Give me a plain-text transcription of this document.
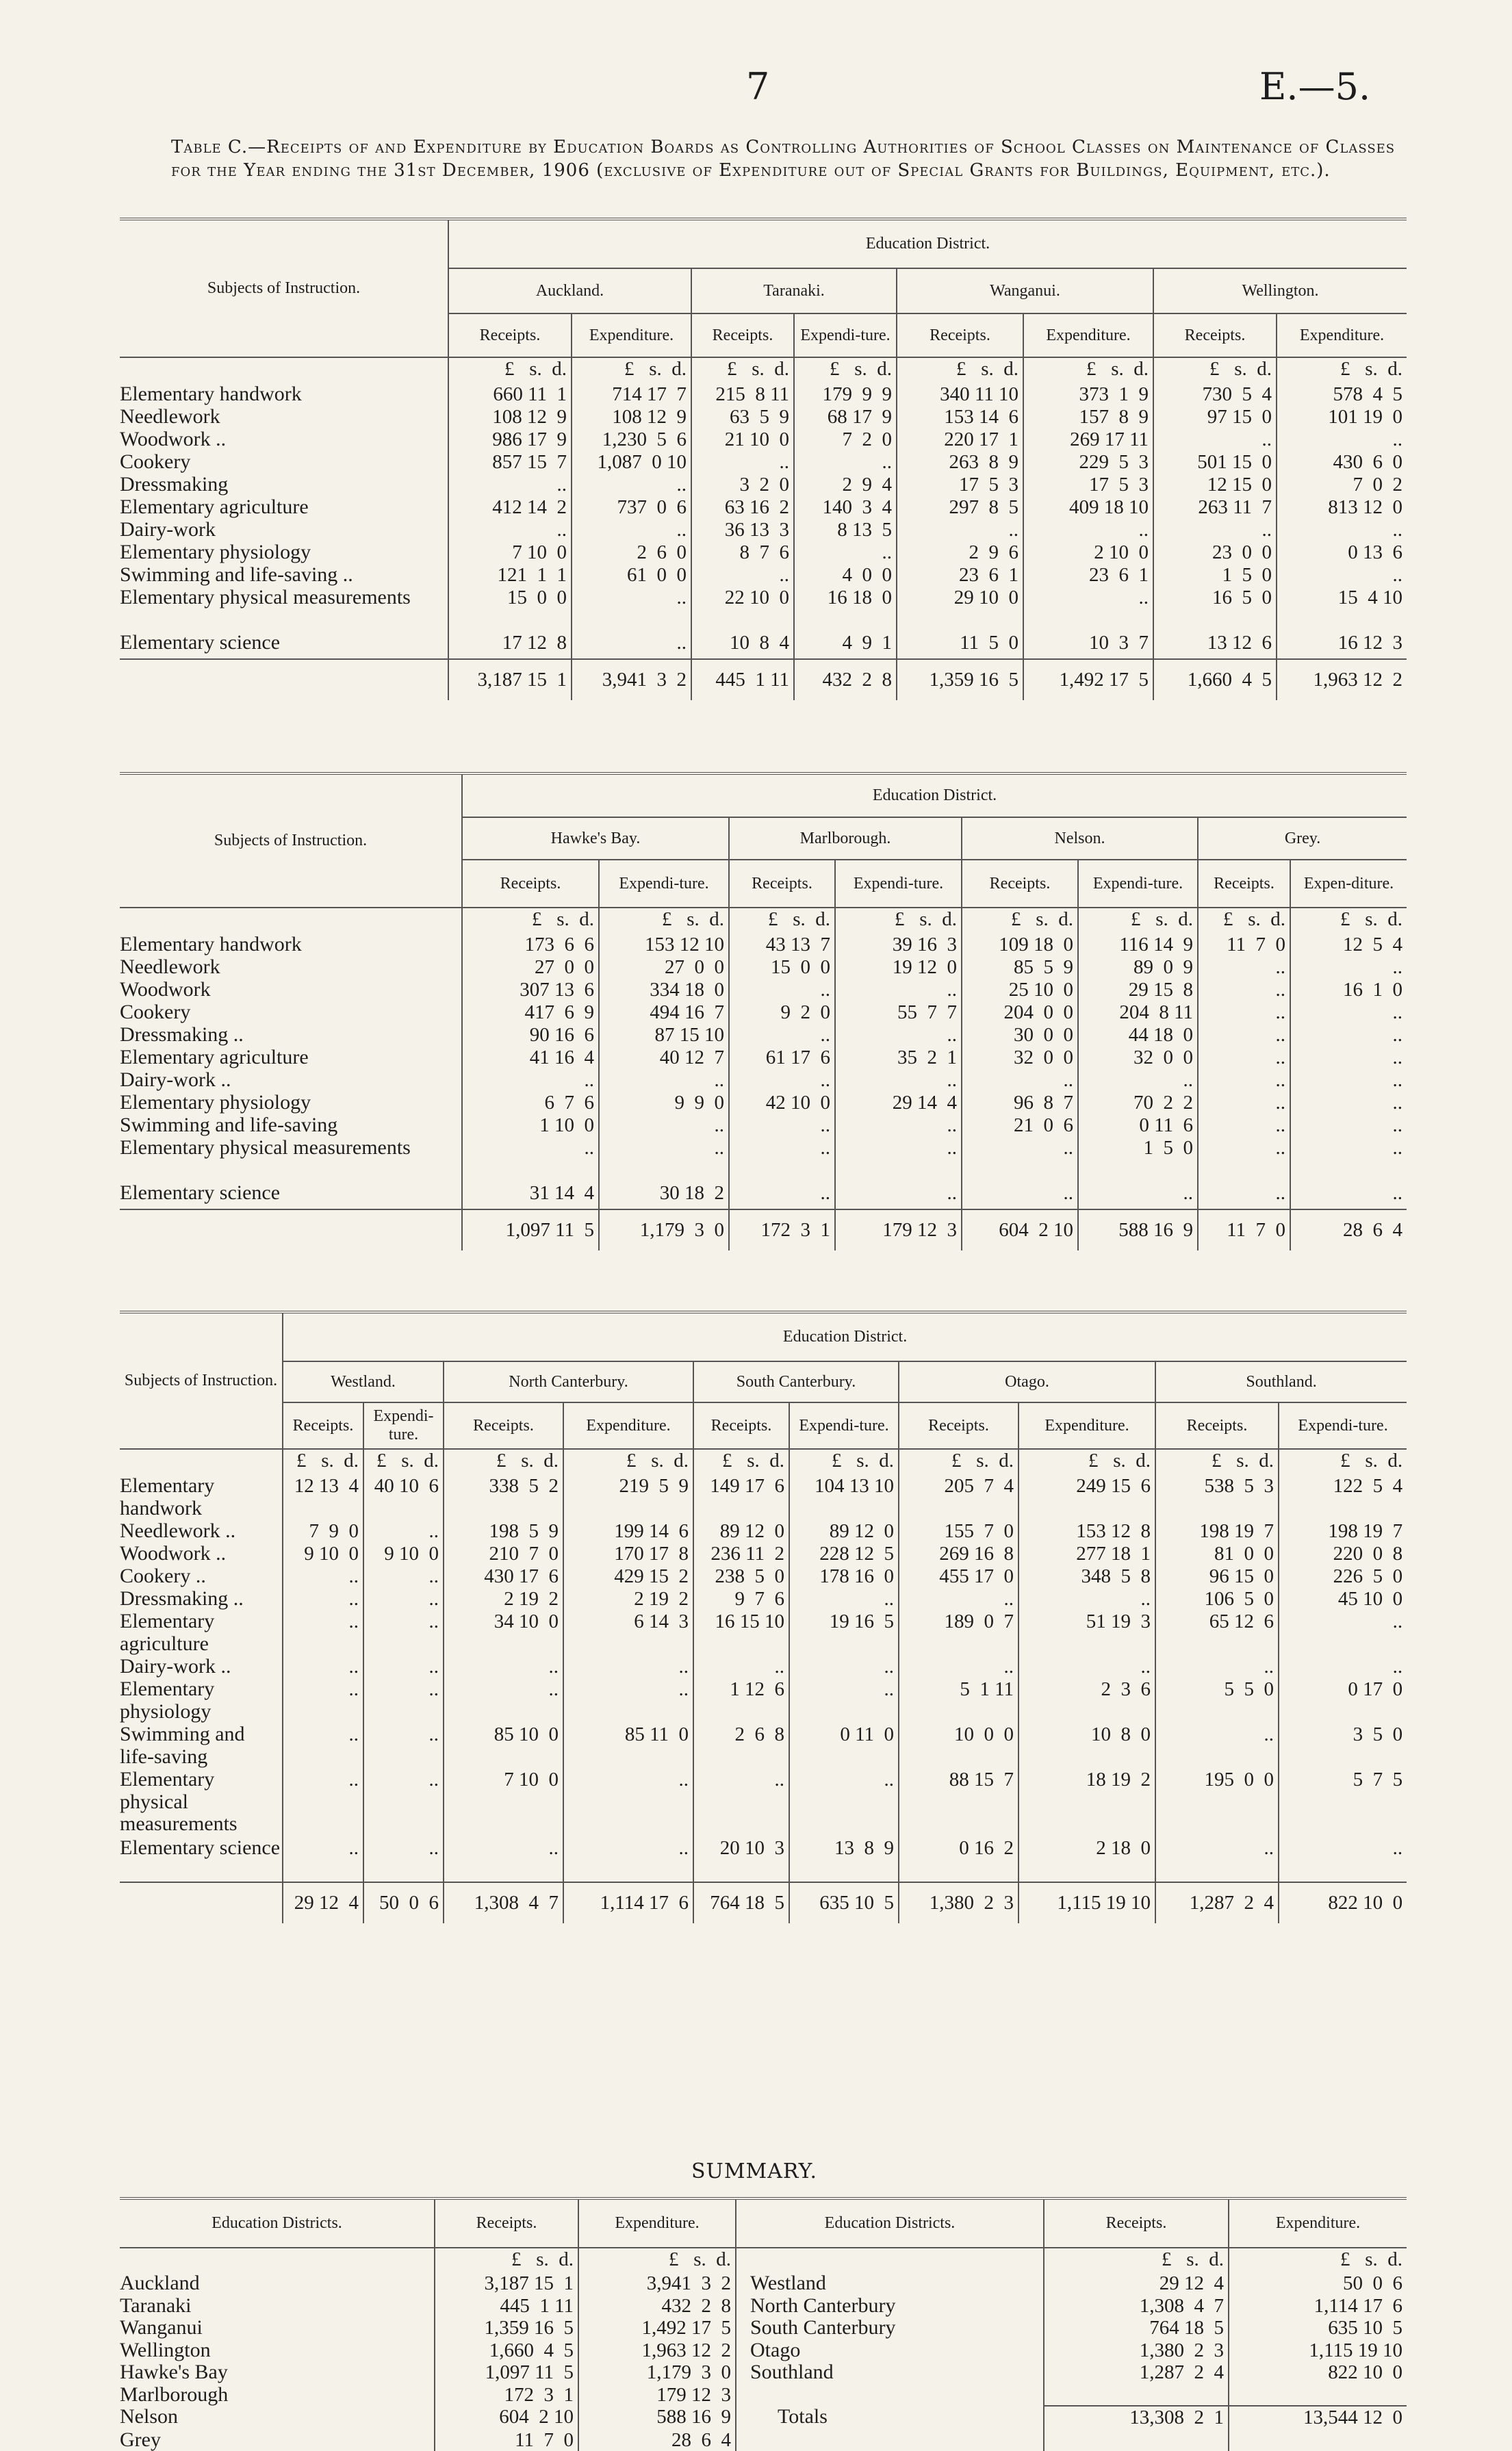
7	E.—5.
Table C.—Receipts of and Expenditure by Education Boards as Controlling Authorities of School Classes on Maintenance of Classes for the Year ending the 31st December, 1906 (exclusive of Expenditure out of Special Grants for Buildings, Equipment, etc.).
Subjects of Instruction.	Education District.							
	Auckland.		Taranaki.		Wanganui.		Wellington.	
	Receipts.	Expenditure.	Receipts.	Expendi-ture.	Receipts.	Expenditure.	Receipts.	Expenditure.
	£   s.  d.	£   s.  d.	£   s.  d.	£   s.  d.	£   s.  d.	£   s.  d.	£   s.  d.	£   s.  d.
Elementary handwork	660 11  1	714 17  7	215  8 11	179  9  9	340 11 10	373  1  9	730  5  4	578  4  5
Needlework	108 12  9	108 12  9	63  5  9	68 17  9	153 14  6	157  8  9	97 15  0	101 19  0
Woodwork ..	986 17  9	1,230  5  6	21 10  0	7  2  0	220 17  1	269 17 11	..	..
Cookery	857 15  7	1,087  0 10	..	..	263  8  9	229  5  3	501 15  0	430  6  0
Dressmaking	..	..	3  2  0	2  9  4	17  5  3	17  5  3	12 15  0	7  0  2
Elementary agriculture	412 14  2	737  0  6	63 16  2	140  3  4	297  8  5	409 18 10	263 11  7	813 12  0
Dairy-work	..	..	36 13  3	8 13  5	..	..	..	..
Elementary physiology	7 10  0	2  6  0	8  7  6	..	2  9  6	2 10  0	23  0  0	0 13  6
Swimming and life-saving ..	121  1  1	61  0  0	..	4  0  0	23  6  1	23  6  1	1  5  0	..
Elementary physical measurements	15  0  0	..	22 10  0	16 18  0	29 10  0	..	16  5  0	15  4 10
Elementary science	17 12  8	..	10  8  4	4  9  1	11  5  0	10  3  7	13 12  6	16 12  3
	3,187 15  1	3,941  3  2	445  1 11	432  2  8	1,359 16  5	1,492 17  5	1,660  4  5	1,963 12  2
Subjects of Instruction.	Education District.							
	Hawke's Bay.		Marlborough.		Nelson.		Grey.	
	Receipts.	Expendi-ture.	Receipts.	Expendi-ture.	Receipts.	Expendi-ture.	Receipts.	Expen-diture.
	£   s.  d.	£   s.  d.	£   s.  d.	£   s.  d.	£   s.  d.	£   s.  d.	£   s.  d.	£   s.  d.
Elementary handwork	173  6  6	153 12 10	43 13  7	39 16  3	109 18  0	116 14  9	11  7  0	12  5  4
Needlework	27  0  0	27  0  0	15  0  0	19 12  0	85  5  9	89  0  9	..	..
Woodwork	307 13  6	334 18  0	..	..	25 10  0	29 15  8	..	16  1  0
Cookery	417  6  9	494 16  7	9  2  0	55  7  7	204  0  0	204  8 11	..	..
Dressmaking ..	90 16  6	87 15 10	..	..	30  0  0	44 18  0	..	..
Elementary agriculture	41 16  4	40 12  7	61 17  6	35  2  1	32  0  0	32  0  0	..	..
Dairy-work ..	..	..	..	..	..	..	..	..
Elementary physiology	6  7  6	9  9  0	42 10  0	29 14  4	96  8  7	70  2  2	..	..
Swimming and life-saving	1 10  0	..	..	..	21  0  6	0 11  6	..	..
Elementary physical measurements	..	..	..	..	..	1  5  0	..	..
Elementary science	31 14  4	30 18  2	..	..	..	..	..	..
	1,097 11  5	1,179  3  0	172  3  1	179 12  3	604  2 10	588 16  9	11  7  0	28  6  4
Subjects of Instruction.	Education District.									
	Westland.		North Canterbury.		South Canterbury.		Otago.		Southland.	
	Receipts.	Expendi-ture.	Receipts.	Expenditure.	Receipts.	Expendi-ture.	Receipts.	Expenditure.	Receipts.	Expendi-ture.
	£   s.  d.	£   s.  d.	£   s.  d.	£   s.  d.	£   s.  d.	£   s.  d.	£   s.  d.	£   s.  d.	£   s.  d.	£   s.  d.
Elementary handwork	12 13  4	40 10  6	338  5  2	219  5  9	149 17  6	104 13 10	205  7  4	249 15  6	538  5  3	122  5  4
Needlework ..	7  9  0	..	198  5  9	199 14  6	89 12  0	89 12  0	155  7  0	153 12  8	198 19  7	198 19  7
Woodwork ..	9 10  0	9 10  0	210  7  0	170 17  8	236 11  2	228 12  5	269 16  8	277 18  1	81  0  0	220  0  8
Cookery ..	..	..	430 17  6	429 15  2	238  5  0	178 16  0	455 17  0	348  5  8	96 15  0	226  5  0
Dressmaking ..	..	..	2 19  2	2 19  2	9  7  6	..	..	..	106  5  0	45 10  0
Elementary agriculture	..	..	34 10  0	6 14  3	16 15 10	19 16  5	189  0  7	51 19  3	65 12  6	..
Dairy-work ..	..	..	..	..	..	..	..	..	..	..
Elementary physiology	..	..	..	..	1 12  6	..	5  1 11	2  3  6	5  5  0	0 17  0
Swimming and life-saving	..	..	85 10  0	85 11  0	2  6  8	0 11  0	10  0  0	10  8  0	..	3  5  0
Elementary physical measurements	..	..	7 10  0	..	..	..	88 15  7	18 19  2	195  0  0	5  7  5
Elementary science	..	..	..	..	20 10  3	13  8  9	0 16  2	2 18  0	..	..
	29 12  4	50  0  6	1,308  4  7	1,114 17  6	764 18  5	635 10  5	1,380  2  3	1,115 19 10	1,287  2  4	822 10  0
SUMMARY.
Education Districts.	Receipts.	Expenditure.	Education Districts.	Receipts.	Expenditure.
	£   s.  d.	£   s.  d.		£   s.  d.	£   s.  d.
Auckland	3,187 15  1	3,941  3  2	Westland	29 12  4	50  0  6
Taranaki	445  1 11	432  2  8	North Canterbury	1,308  4  7	1,114 17  6
Wanganui	1,359 16  5	1,492 17  5	South Canterbury	764 18  5	635 10  5
Wellington	1,660  4  5	1,963 12  2	Otago	1,380  2  3	1,115 19 10
Hawke's Bay	1,097 11  5	1,179  3  0	Southland	1,287  2  4	822 10  0
Marlborough	172  3  1	179 12  3			
Nelson	604  2 10	588 16  9	Totals	13,308  2  1	13,544 12  0
Grey	11  7  0	28  6  4			
